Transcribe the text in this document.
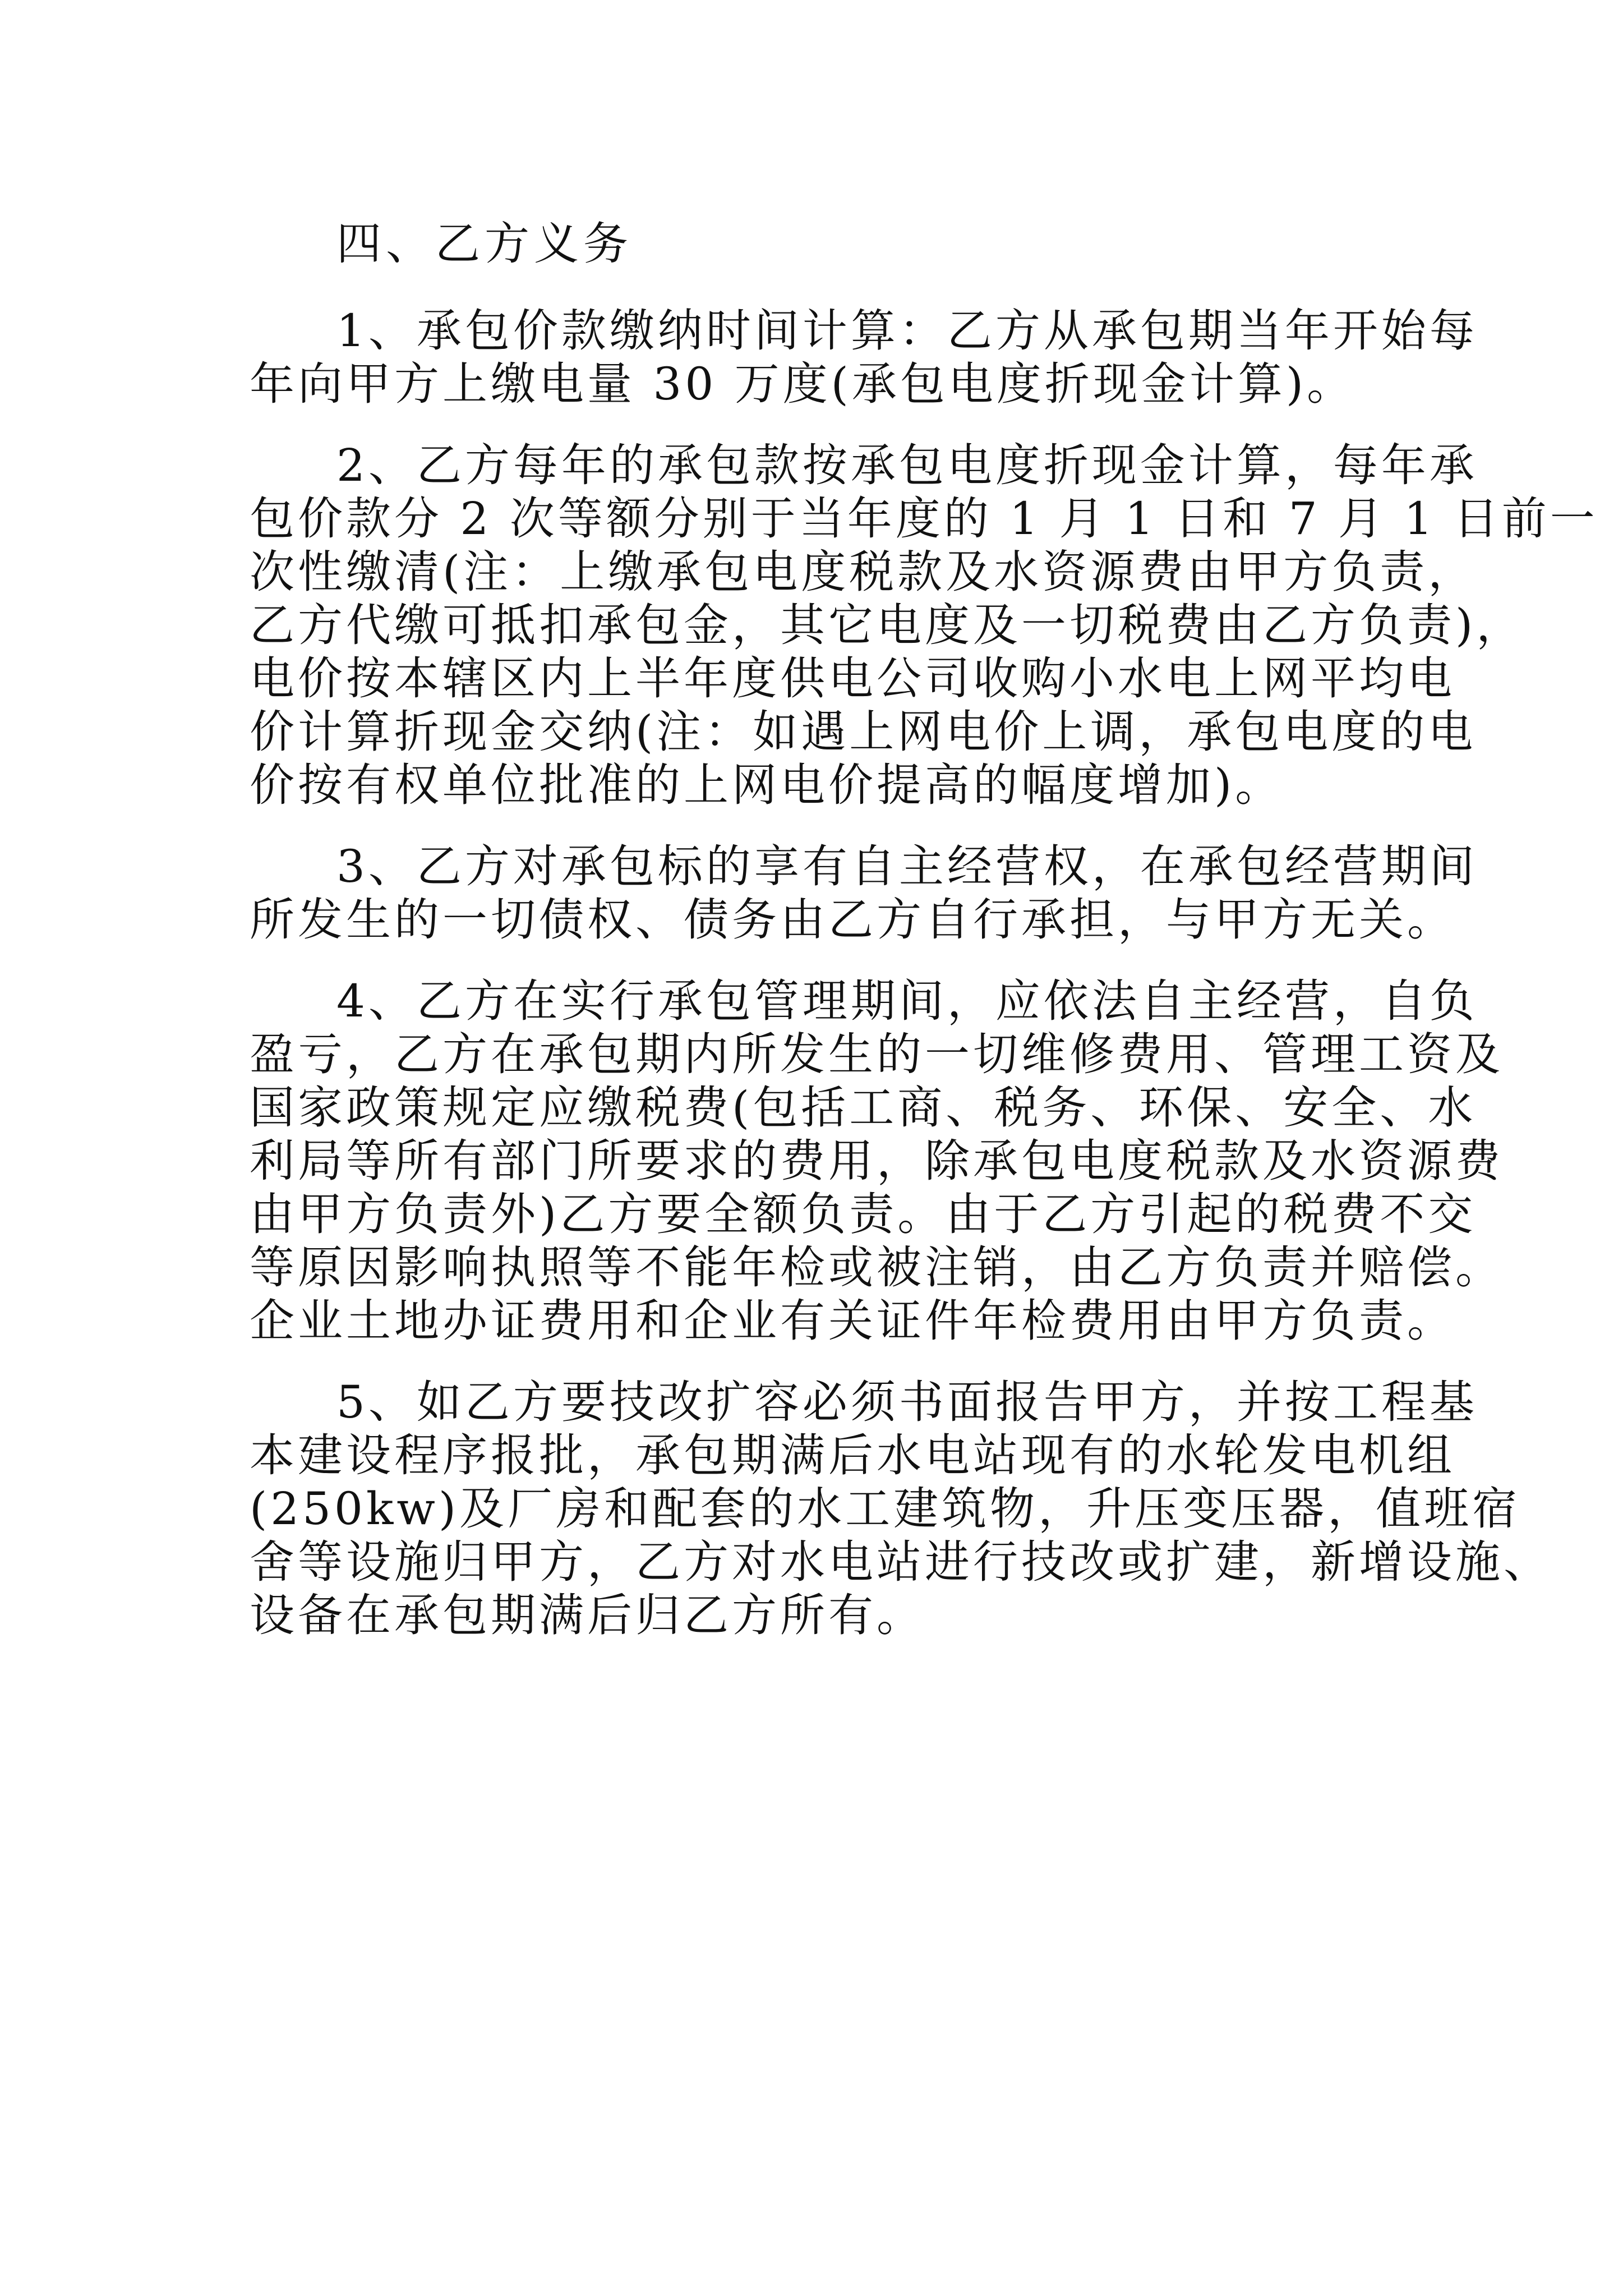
四、乙方义务
1、承包价款缴纳时间计算：乙方从承包期当年开始每
年向甲方上缴电量 30 万度(承包电度折现金计算)。
2、乙方每年的承包款按承包电度折现金计算，每年承
包价款分 2 次等额分别于当年度的 1 月 1 日和 7 月 1 日前一
次性缴清(注：上缴承包电度税款及水资源费由甲方负责，
乙方代缴可抵扣承包金，其它电度及一切税费由乙方负责)，
电价按本辖区内上半年度供电公司收购小水电上网平均电
价计算折现金交纳(注：如遇上网电价上调，承包电度的电
价按有权单位批准的上网电价提高的幅度增加)。
3、乙方对承包标的享有自主经营权，在承包经营期间
所发生的一切债权、债务由乙方自行承担，与甲方无关。
4、乙方在实行承包管理期间，应依法自主经营，自负
盈亏，乙方在承包期内所发生的一切维修费用、管理工资及
国家政策规定应缴税费(包括工商、税务、环保、安全、水
利局等所有部门所要求的费用，除承包电度税款及水资源费
由甲方负责外)乙方要全额负责。由于乙方引起的税费不交
等原因影响执照等不能年检或被注销，由乙方负责并赔偿。
企业土地办证费用和企业有关证件年检费用由甲方负责。
5、如乙方要技改扩容必须书面报告甲方，并按工程基
本建设程序报批，承包期满后水电站现有的水轮发电机组
(250kw)及厂房和配套的水工建筑物，升压变压器，值班宿
舍等设施归甲方，乙方对水电站进行技改或扩建，新增设施、
设备在承包期满后归乙方所有。
